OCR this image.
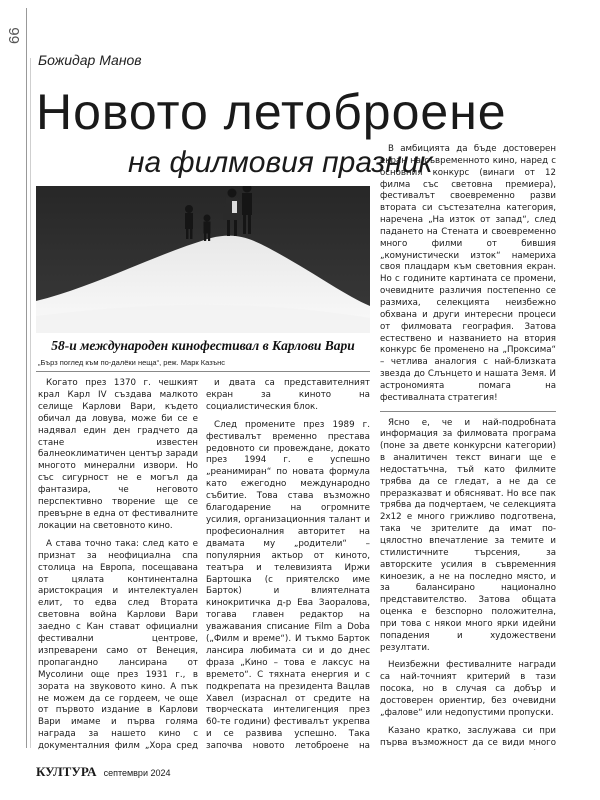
66
Божидар Манов
Новото летоброене
на филмовия празник
58-и международен кинофестивал в Карлови Вари
„Бърз поглед към по-далёки неща“, реж. Марк Казънс

Когато през 1370 г. чешкият крал Карл IV създава малкото селище Карлови Вари, където обичал да ловува, може би се е надявал един ден градчето да стане известен балнеоклиматичен център заради многото минерални извори. Но със сигурност не е могъл да фантазира, че неговото перспективно творение ще се превърне в една от фестивалните локации на световното кино.

А става точно така: след като е признат за неофициална спа столица на Европа, посещавана от цялата континентална аристокрация и интелектуален елит, то едва след Втората световна война Карлови Вари заедно с Кан стават официални фестивални центрове, изпреварени само от Венеция, пропагандно лансирана от Мусолини още през 1931 г., в зората на звуковото кино. А пък не можем да се гордеем, че още от първото издание в Карлови Вари имаме и първа голяма награда за нашето кино с документалния филм „Хора сред

и двата са представителният екран за киното на социалистическия блок.

След промените през 1989 г. фестивалът временно престава редовното си провеждане, докато през 1994 г. е успешно „реанимиран“ по новата формула като ежегодно международно събитие. Това става възможно благодарение на огромните усилия, организационния талант и професионалния авторитет на двамата му „родители“ – популярния актьор от киното, театъра и телевизията Иржи Бартошка (с приятелско име Барток) и влиятелната кинокритичка д-р Ева Заоралова, тогава главен редактор на уважавания списание Film a Doba („Филм и време“). И тъкмо Барток лансира любимата си и до днес фраза „Кино – това е лаксус на времето“. С тяхната енергия и с подкрепата на президента Вацлав Хавел (израснал от средите на творческата интелигенция през 60-те години) фестивалът укрепва и се развива успешно. Така започва новото летоброене на

В амбицията да бъде достоверен екран на съвременното кино, наред с основния конкурс (винаги от 12 филма със световна премиера), фестивалът своевременно разви втората си състезателна категория, наречена „На изток от запад“, след падането на Стената и своевременно много филми от бившия „комунистически изток“ намериха своя плацдарм към световния екран. Но с годините картината се промени, очевидните различия постепенно се размиха, селекцията неизбежно обхвана и други интересни процеси от филмовата география. Затова естествено и названието на втория конкурс бе променено на „Проксима“ – четлива аналогия с най-близката звезда до Слънцето и нашата Земя. И астрономията помага на фестивалната стратегия!

Ясно е, че и най-подробната информация за филмовата програма (поне за двете конкурсни категории) в аналитичен текст винаги ще е недостатъчна, тъй като филмите трябва да се гледат, а не да се преразказват и обясняват. Но все пак трябва да подчертаем, че селекцията 2х12 е много грижливо подготвена, така че зрителите да имат по-цялостно впечатление за темите и стилистичните търсения, за авторските усилия в съвременния киноезик, а не на последно място, и за балансирано национално представителство. Затова общата оценка е безспорно положителна, при това с някои много ярки идейни попадения и художествени резултати.

Неизбежни фестивалните награди са най-точният критерий в тази посока, но в случая са добър и достоверен ориентир, без очевидни „фалове“ или недопустими пропуски.

Казано кратко, заслужава си при първа възможност да се види много

КУЛТУРА септември 2024
